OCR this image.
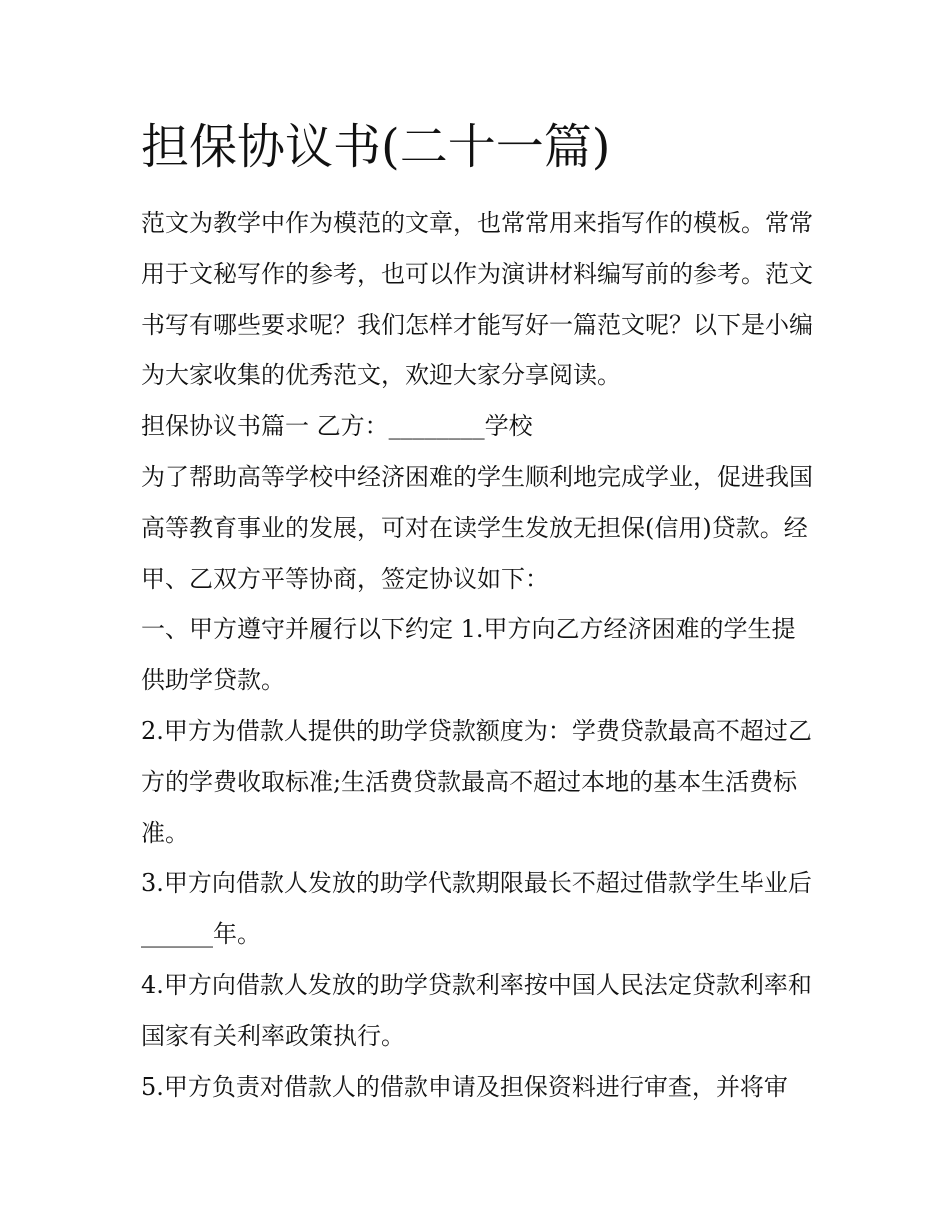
担保协议书(二十一篇)

范文为教学中作为模范的文章，也常常用来指写作的模板。常常用于文秘写作的参考，也可以作为演讲材料编写前的参考。范文书写有哪些要求呢？我们怎样才能写好一篇范文呢？以下是小编为大家收集的优秀范文，欢迎大家分享阅读。

担保协议书篇一 乙方：________学校

为了帮助高等学校中经济困难的学生顺利地完成学业，促进我国高等教育事业的发展，可对在读学生发放无担保(信用)贷款。经甲、乙双方平等协商，签定协议如下：

一、甲方遵守并履行以下约定 1.甲方向乙方经济困难的学生提供助学贷款。

2.甲方为借款人提供的助学贷款额度为：学费贷款最高不超过乙方的学费收取标准;生活费贷款最高不超过本地的基本生活费标准。

3.甲方向借款人发放的助学代款期限最长不超过借款学生毕业后______年。

4.甲方向借款人发放的助学贷款利率按中国人民法定贷款利率和国家有关利率政策执行。

5.甲方负责对借款人的借款申请及担保资料进行审查，并将审
